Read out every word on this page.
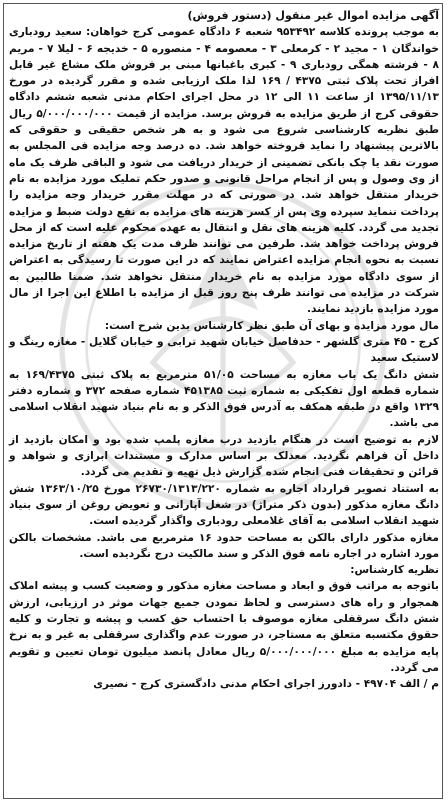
آگهی مزایده اموال غیر منقول (دستور فروش)

به موجب پرونده کلاسه ۹۵۳۴۹۲ شعبه ۶ دادگاه عمومی کرج خواهان: سعید رودباری خواندگان ۱ - مجید ۲ - کرمعلی ۳ - معصومه ۴ - منصوره ۵ - خدیجه ۶ - لیلا ۷ - مریم ۸ - فرشته همگی رودباری ۹ - کبری باغبانها مبنی بر فروش ملک مشاع غیر قابل افراز تحت پلاک ثبتی ۴۳۷۵ / ۱۶۹ لذا ملک ارزیابی شده و مقرر گردیده در مورخ ۱۳۹۵/۱۱/۱۳ از ساعت ۱۱ الی ۱۲ در محل اجرای احکام مدنی شعبه ششم دادگاه حقوقی کرج از طریق مزایده به فروش برسد. مزایده از قیمت ۵/۰۰۰/۰۰۰/۰۰۰ ریال طبق نظریه کارشناسی شروع می شود و به هر شخص حقیقی و حقوقی که بالاترین پیشنهاد را نماید فروخته خواهد شد. ده درصد وجه مزایده فی المجلس به صورت نقد یا چک بانکی تضمینی از خریدار دریافت می شود و الباقی ظرف یک ماه از وی وصول و پس از انجام مراحل قانونی و صدور حکم تملیک مورد مزایده به نام خریدار منتقل خواهد شد. در صورتی که در مهلت مقرر خریدار وجه مزایده را پرداخت ننماید سپرده وی پس از کسر هزینه های مزایده به نفع دولت ضبط و مزایده تجدید می گردد. کلیه هزینه های نقل و انتقال به عهده محکوم علیه است که از محل فروش پرداخت خواهد شد. طرفین می توانند ظرف مدت یک هفته از تاریخ مزایده نسبت به نحوه انجام مزایده اعتراض نمایند که در این صورت تا رسیدگی به اعتراض از سوی دادگاه مورد مزایده به نام خریدار منتقل نخواهد شد. ضمنا طالبین به شرکت در مزایده می توانند ظرف پنج روز قبل از مزایده با اطلاع این اجرا از مال مورد مزایده بازدید نمایند.

مال مورد مزایده و بهای آن طبق نظر کارشناس بدین شرح است:

کرج - ۴۵ متری گلشهر - حدفاصل خیابان شهید ترابی و خیابان گلایل - مغازه رینگ و لاستیک سعید

شش دانگ یک باب مغازه به مساحت ۵۱/۰۵ مترمربع به پلاک ثبتی ۱۶۹/۴۳۷۵ به شماره قطعه اول تفکیکی به شماره ثبت ۴۵۱۳۸۵ شماره صفحه ۳۷۲ و شماره دفتر ۱۳۲۹ واقع در طبقه همکف به آدرس فوق الذکر و به نام بنیاد شهید انقلاب اسلامی می باشد.

لازم به توضیح است در هنگام بازدید درب مغازه پلمپ شده بود و امکان بازدید از داخل آن فراهم نگردید. معذلک بر اساس مدارک و مستندات ابرازی و شواهد و قرائن و تحقیقات فنی انجام شده گزارش ذیل تهیه و تقدیم می گردد.

به استناد تصویر قرارداد اجاره به شماره ۲۶۷۳۰/۱۳۱۳/۲۲۰ مورخ ۱۳۶۳/۱۰/۲۵ شش دانگ مغازه مذکور (بدون ذکر متراژ) در شغل آپاراتی و تعویض روغن از سوی بنیاد شهید انقلاب اسلامی به آقای غلامعلی رودباری واگذار گردیده است.

مغازه مذکور دارای بالکن به مساحت حدود ۱۶ مترمربع می باشد. مشخصات بالکن مورد اشاره در اجاره نامه فوق الذکر و سند مالکیت درج نگردیده است.

نظریه کارشناس:

باتوجه به مراتب فوق و ابعاد و مساحت مغازه مذکور و وضعیت کسب و پیشه املاک همجوار و راه های دسترسی و لحاظ نمودن جمیع جهات موثر در ارزیابی، ارزش شش دانگ سرقفلی مغازه موصوف با احتساب حق کسب و پیشه و تجارت و کلیه حقوق مکتسبه متعلق به مستاجر، در صورت عدم واگذاری سرقفلی به غیر و به نرخ پایه مزایده به مبلغ ۵/۰۰۰/۰۰۰/۰۰۰ ریال معادل پانصد میلیون تومان تعیین و تقویم می گردد.

م / الف ۴۹۷۰۴ - دادورز اجرای احکام مدنی دادگستری کرج - نصیری
